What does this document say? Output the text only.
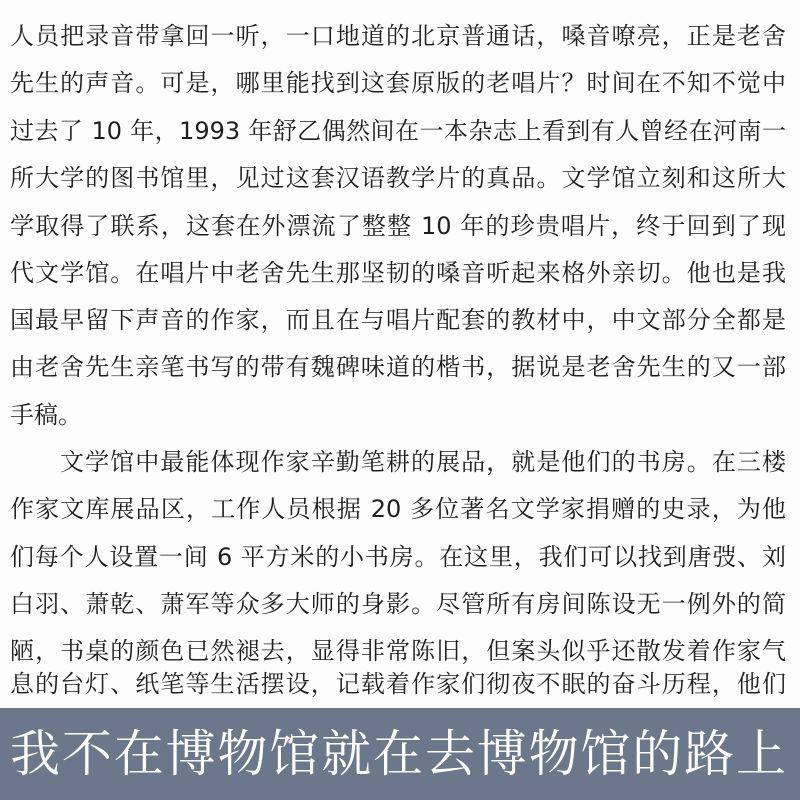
人员把录音带拿回一听，一口地道的北京普通话，嗓音嘹亮，正是老舍
先生的声音。可是，哪里能找到这套原版的老唱片？时间在不知不觉中
过去了 10 年，1993 年舒乙偶然间在一本杂志上看到有人曾经在河南一
所大学的图书馆里，见过这套汉语教学片的真品。文学馆立刻和这所大
学取得了联系，这套在外漂流了整整 10 年的珍贵唱片，终于回到了现
代文学馆。在唱片中老舍先生那坚韧的嗓音听起来格外亲切。他也是我
国最早留下声音的作家，而且在与唱片配套的教材中，中文部分全都是
由老舍先生亲笔书写的带有魏碑味道的楷书，据说是老舍先生的又一部
手稿。
文学馆中最能体现作家辛勤笔耕的展品，就是他们的书房。在三楼
作家文库展品区，工作人员根据 20 多位著名文学家捐赠的史录，为他
们每个人设置一间 6 平方米的小书房。在这里，我们可以找到唐弢、刘
白羽、萧乾、萧军等众多大师的身影。尽管所有房间陈设无一例外的简
陋，书桌的颜色已然褪去，显得非常陈旧，但案头似乎还散发着作家气
息的台灯、纸笔等生活摆设，记载着作家们彻夜不眠的奋斗历程，他们
我不在博物馆就在去博物馆的路上
